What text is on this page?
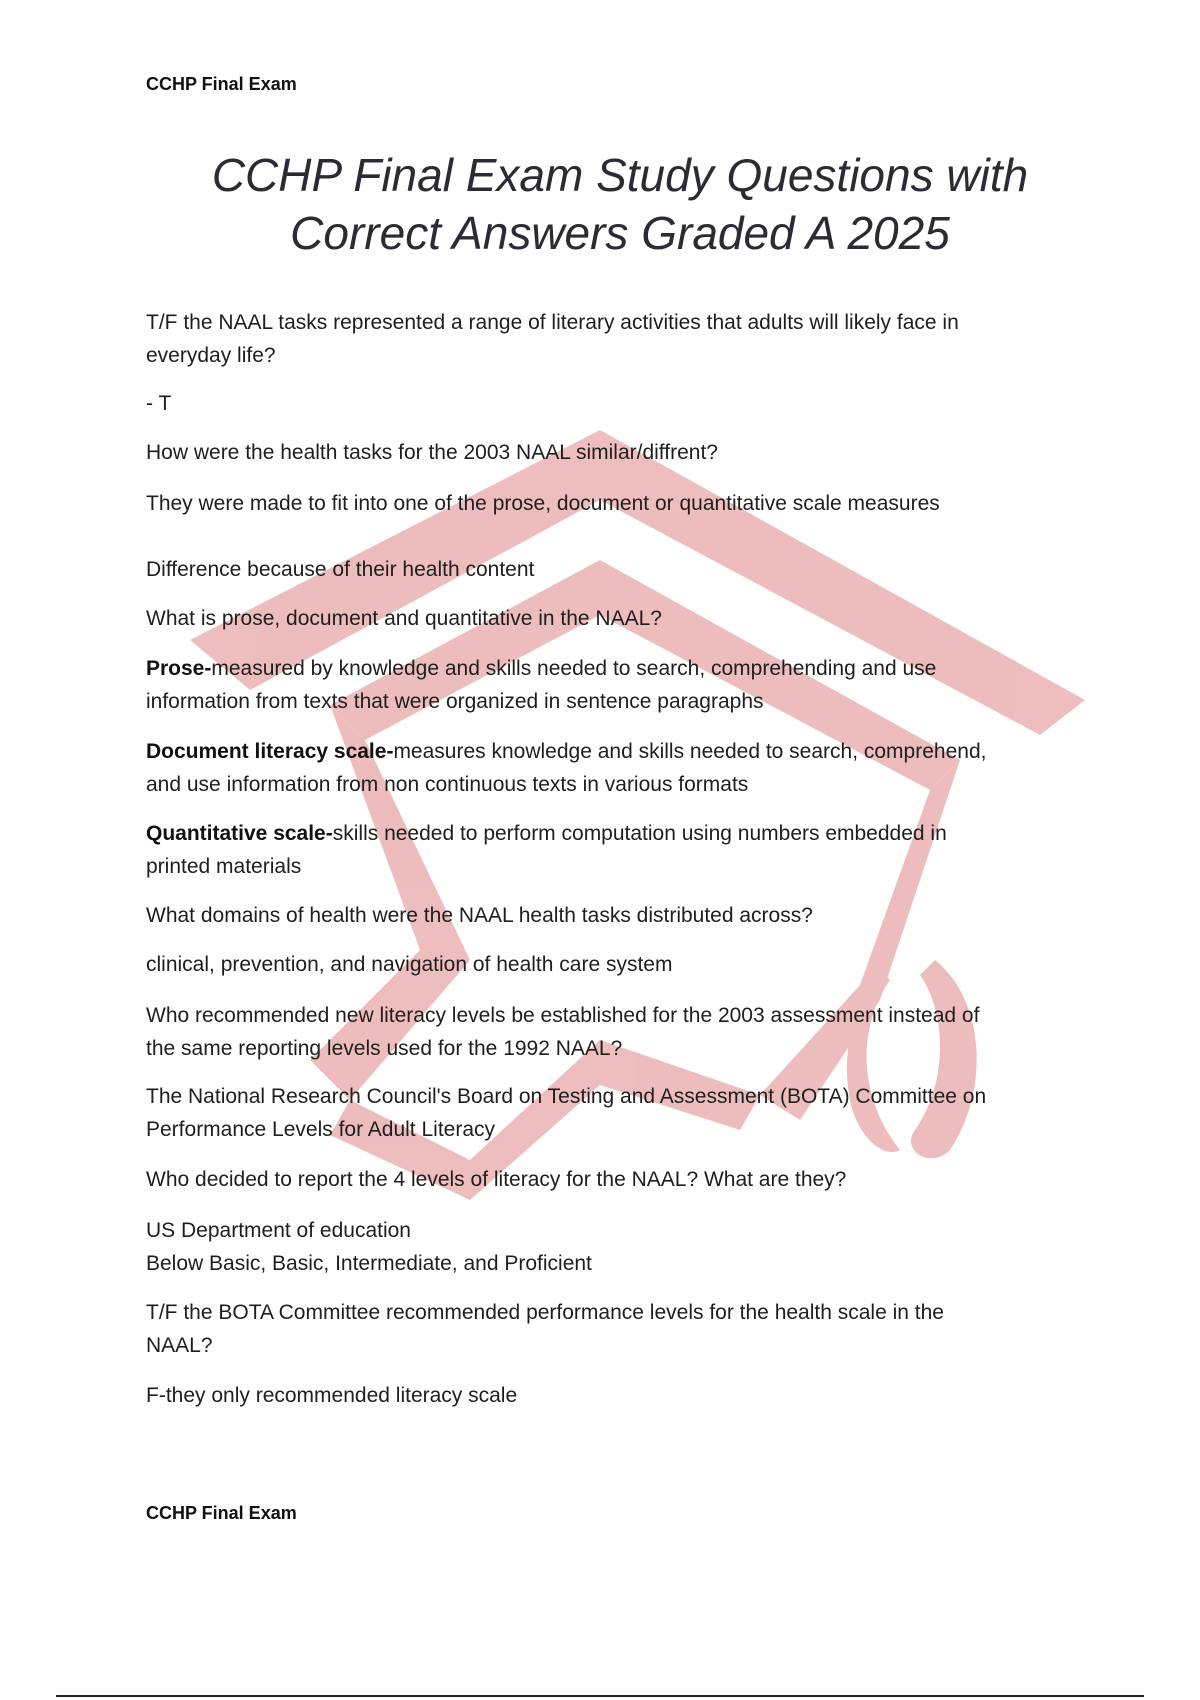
CCHP Final Exam
CCHP Final Exam Study Questions with
Correct Answers Graded A 2025
T/F the NAAL tasks represented a range of literary activities that adults will likely face in
everyday life?
- T
How were the health tasks for the 2003 NAAL similar/diffrent?
They were made to fit into one of the prose, document or quantitative scale measures
Difference because of their health content
What is prose, document and quantitative in the NAAL?
Prose-measured by knowledge and skills needed to search, comprehending and use
information from texts that were organized in sentence paragraphs
Document literacy scale-measures knowledge and skills needed to search, comprehend,
and use information from non continuous texts in various formats
Quantitative scale-skills needed to perform computation using numbers embedded in
printed materials
What domains of health were the NAAL health tasks distributed across?
clinical, prevention, and navigation of health care system
Who recommended new literacy levels be established for the 2003 assessment instead of
the same reporting levels used for the 1992 NAAL?
The National Research Council's Board on Testing and Assessment (BOTA) Committee on
Performance Levels for Adult Literacy
Who decided to report the 4 levels of literacy for the NAAL? What are they?
US Department of education
Below Basic, Basic, Intermediate, and Proficient
T/F the BOTA Committee recommended performance levels for the health scale in the
NAAL?
F-they only recommended literacy scale
CCHP Final Exam
